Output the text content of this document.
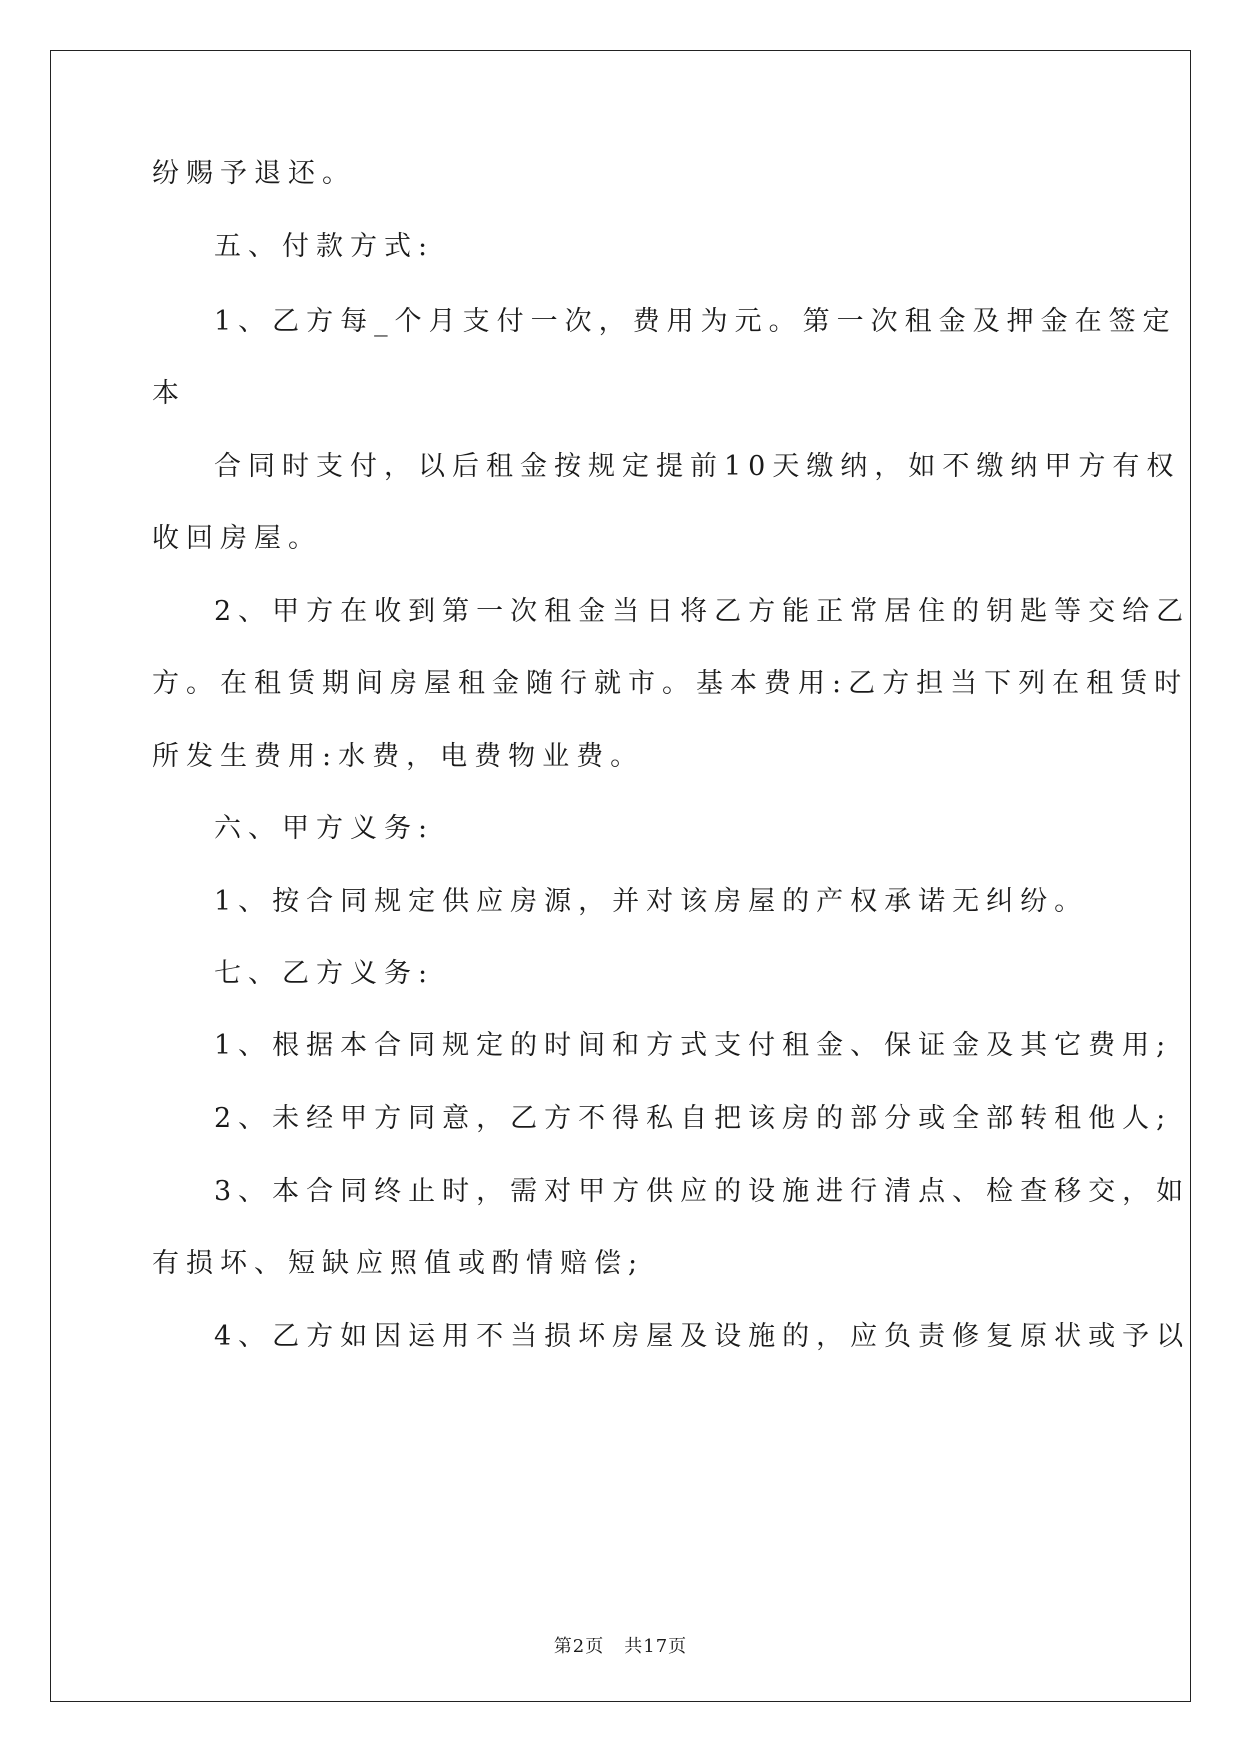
纷赐予退还。
五、付款方式:
1、乙方每_个月支付一次，费用为元。第一次租金及押金在签定
本
合同时支付，以后租金按规定提前10天缴纳，如不缴纳甲方有权
收回房屋。
2、甲方在收到第一次租金当日将乙方能正常居住的钥匙等交给乙
方。在租赁期间房屋租金随行就市。基本费用:乙方担当下列在租赁时
所发生费用:水费，电费物业费。
六、甲方义务:
1、按合同规定供应房源，并对该房屋的产权承诺无纠纷。
七、乙方义务:
1、根据本合同规定的时间和方式支付租金、保证金及其它费用;
2、未经甲方同意，乙方不得私自把该房的部分或全部转租他人;
3、本合同终止时，需对甲方供应的设施进行清点、检查移交，如
有损坏、短缺应照值或酌情赔偿;
4、乙方如因运用不当损坏房屋及设施的，应负责修复原状或予以
第2页 共17页
